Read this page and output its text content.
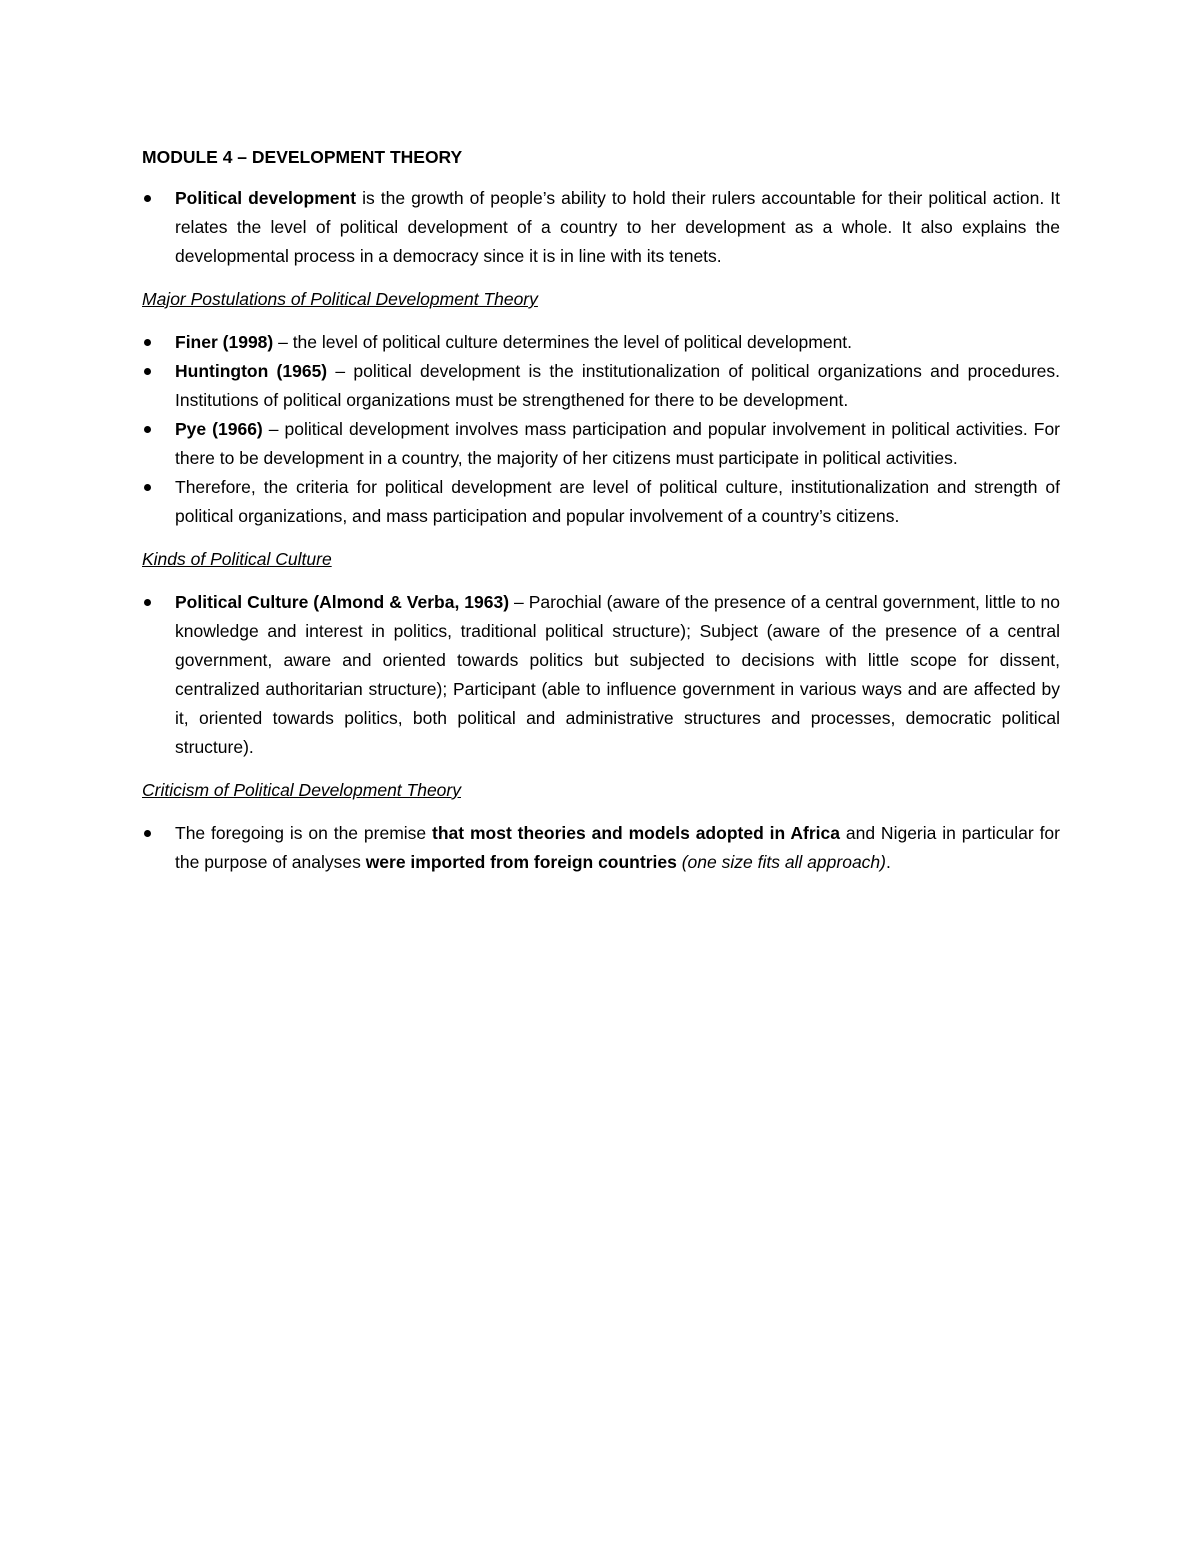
MODULE 4 – DEVELOPMENT THEORY
Political development is the growth of people’s ability to hold their rulers accountable for their political action. It relates the level of political development of a country to her development as a whole. It also explains the developmental process in a democracy since it is in line with its tenets.
Major Postulations of Political Development Theory
Finer (1998) – the level of political culture determines the level of political development.
Huntington (1965) – political development is the institutionalization of political organizations and procedures. Institutions of political organizations must be strengthened for there to be development.
Pye (1966) – political development involves mass participation and popular involvement in political activities. For there to be development in a country, the majority of her citizens must participate in political activities.
Therefore, the criteria for political development are level of political culture, institutionalization and strength of political organizations, and mass participation and popular involvement of a country’s citizens.
Kinds of Political Culture
Political Culture (Almond & Verba, 1963) – Parochial (aware of the presence of a central government, little to no knowledge and interest in politics, traditional political structure); Subject (aware of the presence of a central government, aware and oriented towards politics but subjected to decisions with little scope for dissent, centralized authoritarian structure); Participant (able to influence government in various ways and are affected by it, oriented towards politics, both political and administrative structures and processes, democratic political structure).
Criticism of Political Development Theory
The foregoing is on the premise that most theories and models adopted in Africa and Nigeria in particular for the purpose of analyses were imported from foreign countries (one size fits all approach).
